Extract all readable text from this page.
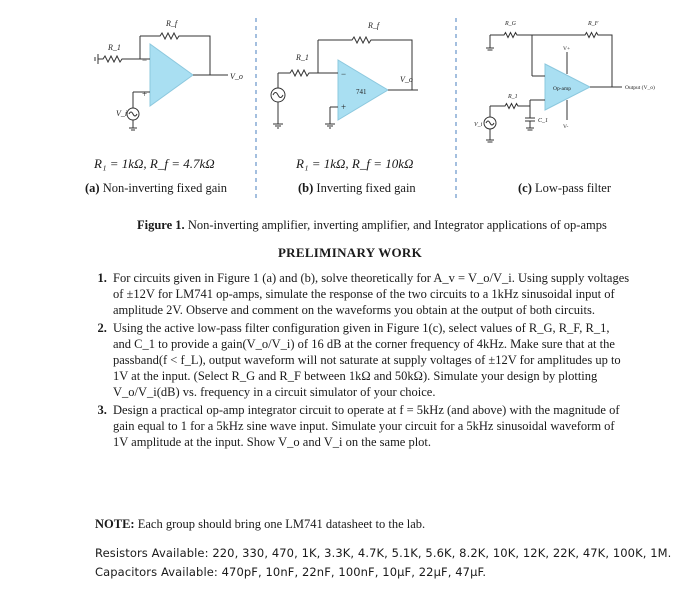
−
+
R_f
R_1
V_i
V_o
741
−
+
R_f
R_1
V_o
Op-amp
R_G	R_F
V+
V-
Output (V_o)
R_1
C_1
V_i
R₁ = 1kΩ, R_f = 4.7kΩ	R₁ = 1kΩ, R_f = 10kΩ
(a) Non-inverting fixed gain	(b) Inverting fixed gain	(c) Low-pass filter
Figure 1. Non-inverting amplifier, inverting amplifier, and Integrator applications of op-amps
PRELIMINARY WORK
1. For circuits given in Figure 1 (a) and (b), solve theoretically for A_v = V_o/V_i. Using supply voltages of ±12V for LM741 op-amps, simulate the response of the two circuits to a 1kHz sinusoidal input of amplitude 2V. Observe and comment on the waveforms you obtain at the output of both circuits.
2. Using the active low-pass filter configuration given in Figure 1(c), select values of R_G, R_F, R_1, and C_1 to provide a gain(V_o/V_i) of 16 dB at the corner frequency of 4kHz. Make sure that at the passband(f < f_L), output waveform will not saturate at supply voltages of ±12V for amplitudes up to 1V at the input. (Select R_G and R_F between 1kΩ and 50kΩ). Simulate your design by plotting V_o/V_i(dB) vs. frequency in a circuit simulator of your choice.
3. Design a practical op-amp integrator circuit to operate at f = 5kHz (and above) with the magnitude of gain equal to 1 for a 5kHz sine wave input. Simulate your circuit for a 5kHz sinusoidal waveform of 1V amplitude at the input. Show V_o and V_i on the same plot.
NOTE: Each group should bring one LM741 datasheet to the lab.
Resistors Available: 220, 330, 470, 1K, 3.3K, 4.7K, 5.1K, 5.6K, 8.2K, 10K, 12K, 22K, 47K, 100K, 1M.
Capacitors Available: 470pF, 10nF, 22nF, 100nF, 10μF, 22μF, 47μF.
